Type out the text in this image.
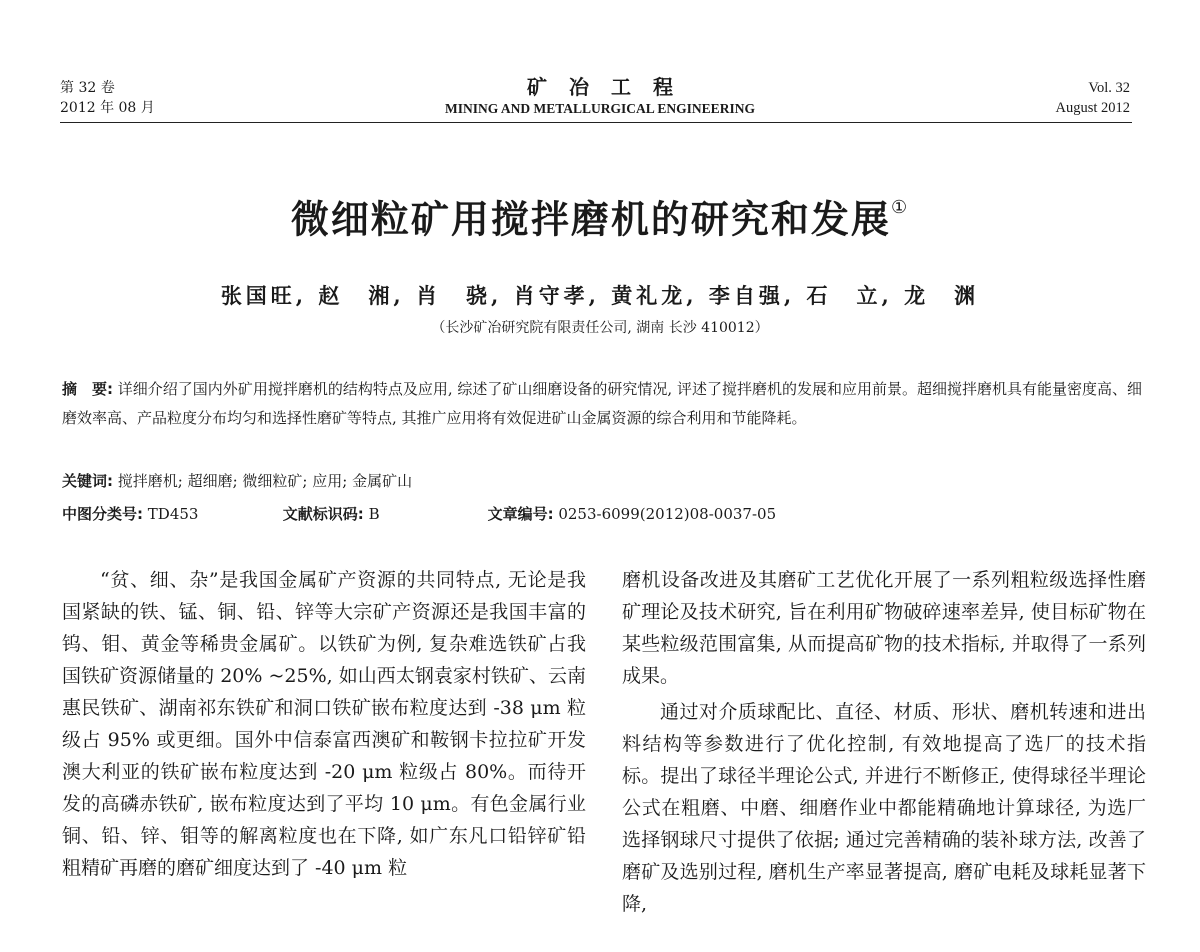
第 32 卷
2012 年 08 月
矿冶工程
MINING AND METALLURGICAL ENGINEERING
Vol. 32
August 2012
微细粒矿用搅拌磨机的研究和发展①
张国旺, 赵　湘, 肖　骁, 肖守孝, 黄礼龙, 李自强, 石　立, 龙　渊
（长沙矿冶研究院有限责任公司, 湖南 长沙 410012）
摘　要: 详细介绍了国内外矿用搅拌磨机的结构特点及应用, 综述了矿山细磨设备的研究情况, 评述了搅拌磨机的发展和应用前景。超细搅拌磨机具有能量密度高、细磨效率高、产品粒度分布均匀和选择性磨矿等特点, 其推广应用将有效促进矿山金属资源的综合利用和节能降耗。
关键词: 搅拌磨机; 超细磨; 微细粒矿; 应用; 金属矿山
中图分类号: TD453	文献标识码: B	文章编号: 0253-6099(2012)08-0037-05

“贫、细、杂”是我国金属矿产资源的共同特点, 无论是我国紧缺的铁、锰、铜、铅、锌等大宗矿产资源还是我国丰富的钨、钼、黄金等稀贵金属矿。以铁矿为例, 复杂难选铁矿占我国铁矿资源储量的 20% ~25%, 如山西太钢袁家村铁矿、云南惠民铁矿、湖南祁东铁矿和洞口铁矿嵌布粒度达到 -38 μm 粒级占 95% 或更细。国外中信泰富西澳矿和鞍钢卡拉拉矿开发澳大利亚的铁矿嵌布粒度达到 -20 μm 粒级占 80%。而待开发的高磷赤铁矿, 嵌布粒度达到了平均 10 μm。有色金属行业铜、铅、锌、钼等的解离粒度也在下降, 如广东凡口铅锌矿铅粗精矿再磨的磨矿细度达到了 -40 μm 粒

磨机设备改进及其磨矿工艺优化开展了一系列粗粒级选择性磨矿理论及技术研究, 旨在利用矿物破碎速率差异, 使目标矿物在某些粒级范围富集, 从而提高矿物的技术指标, 并取得了一系列成果。

通过对介质球配比、直径、材质、形状、磨机转速和进出料结构等参数进行了优化控制, 有效地提高了选厂的技术指标。提出了球径半理论公式, 并进行不断修正, 使得球径半理论公式在粗磨、中磨、细磨作业中都能精确地计算球径, 为选厂选择钢球尺寸提供了依据; 通过完善精确的装补球方法, 改善了磨矿及选别过程, 磨机生产率显著提高, 磨矿电耗及球耗显著下降,
